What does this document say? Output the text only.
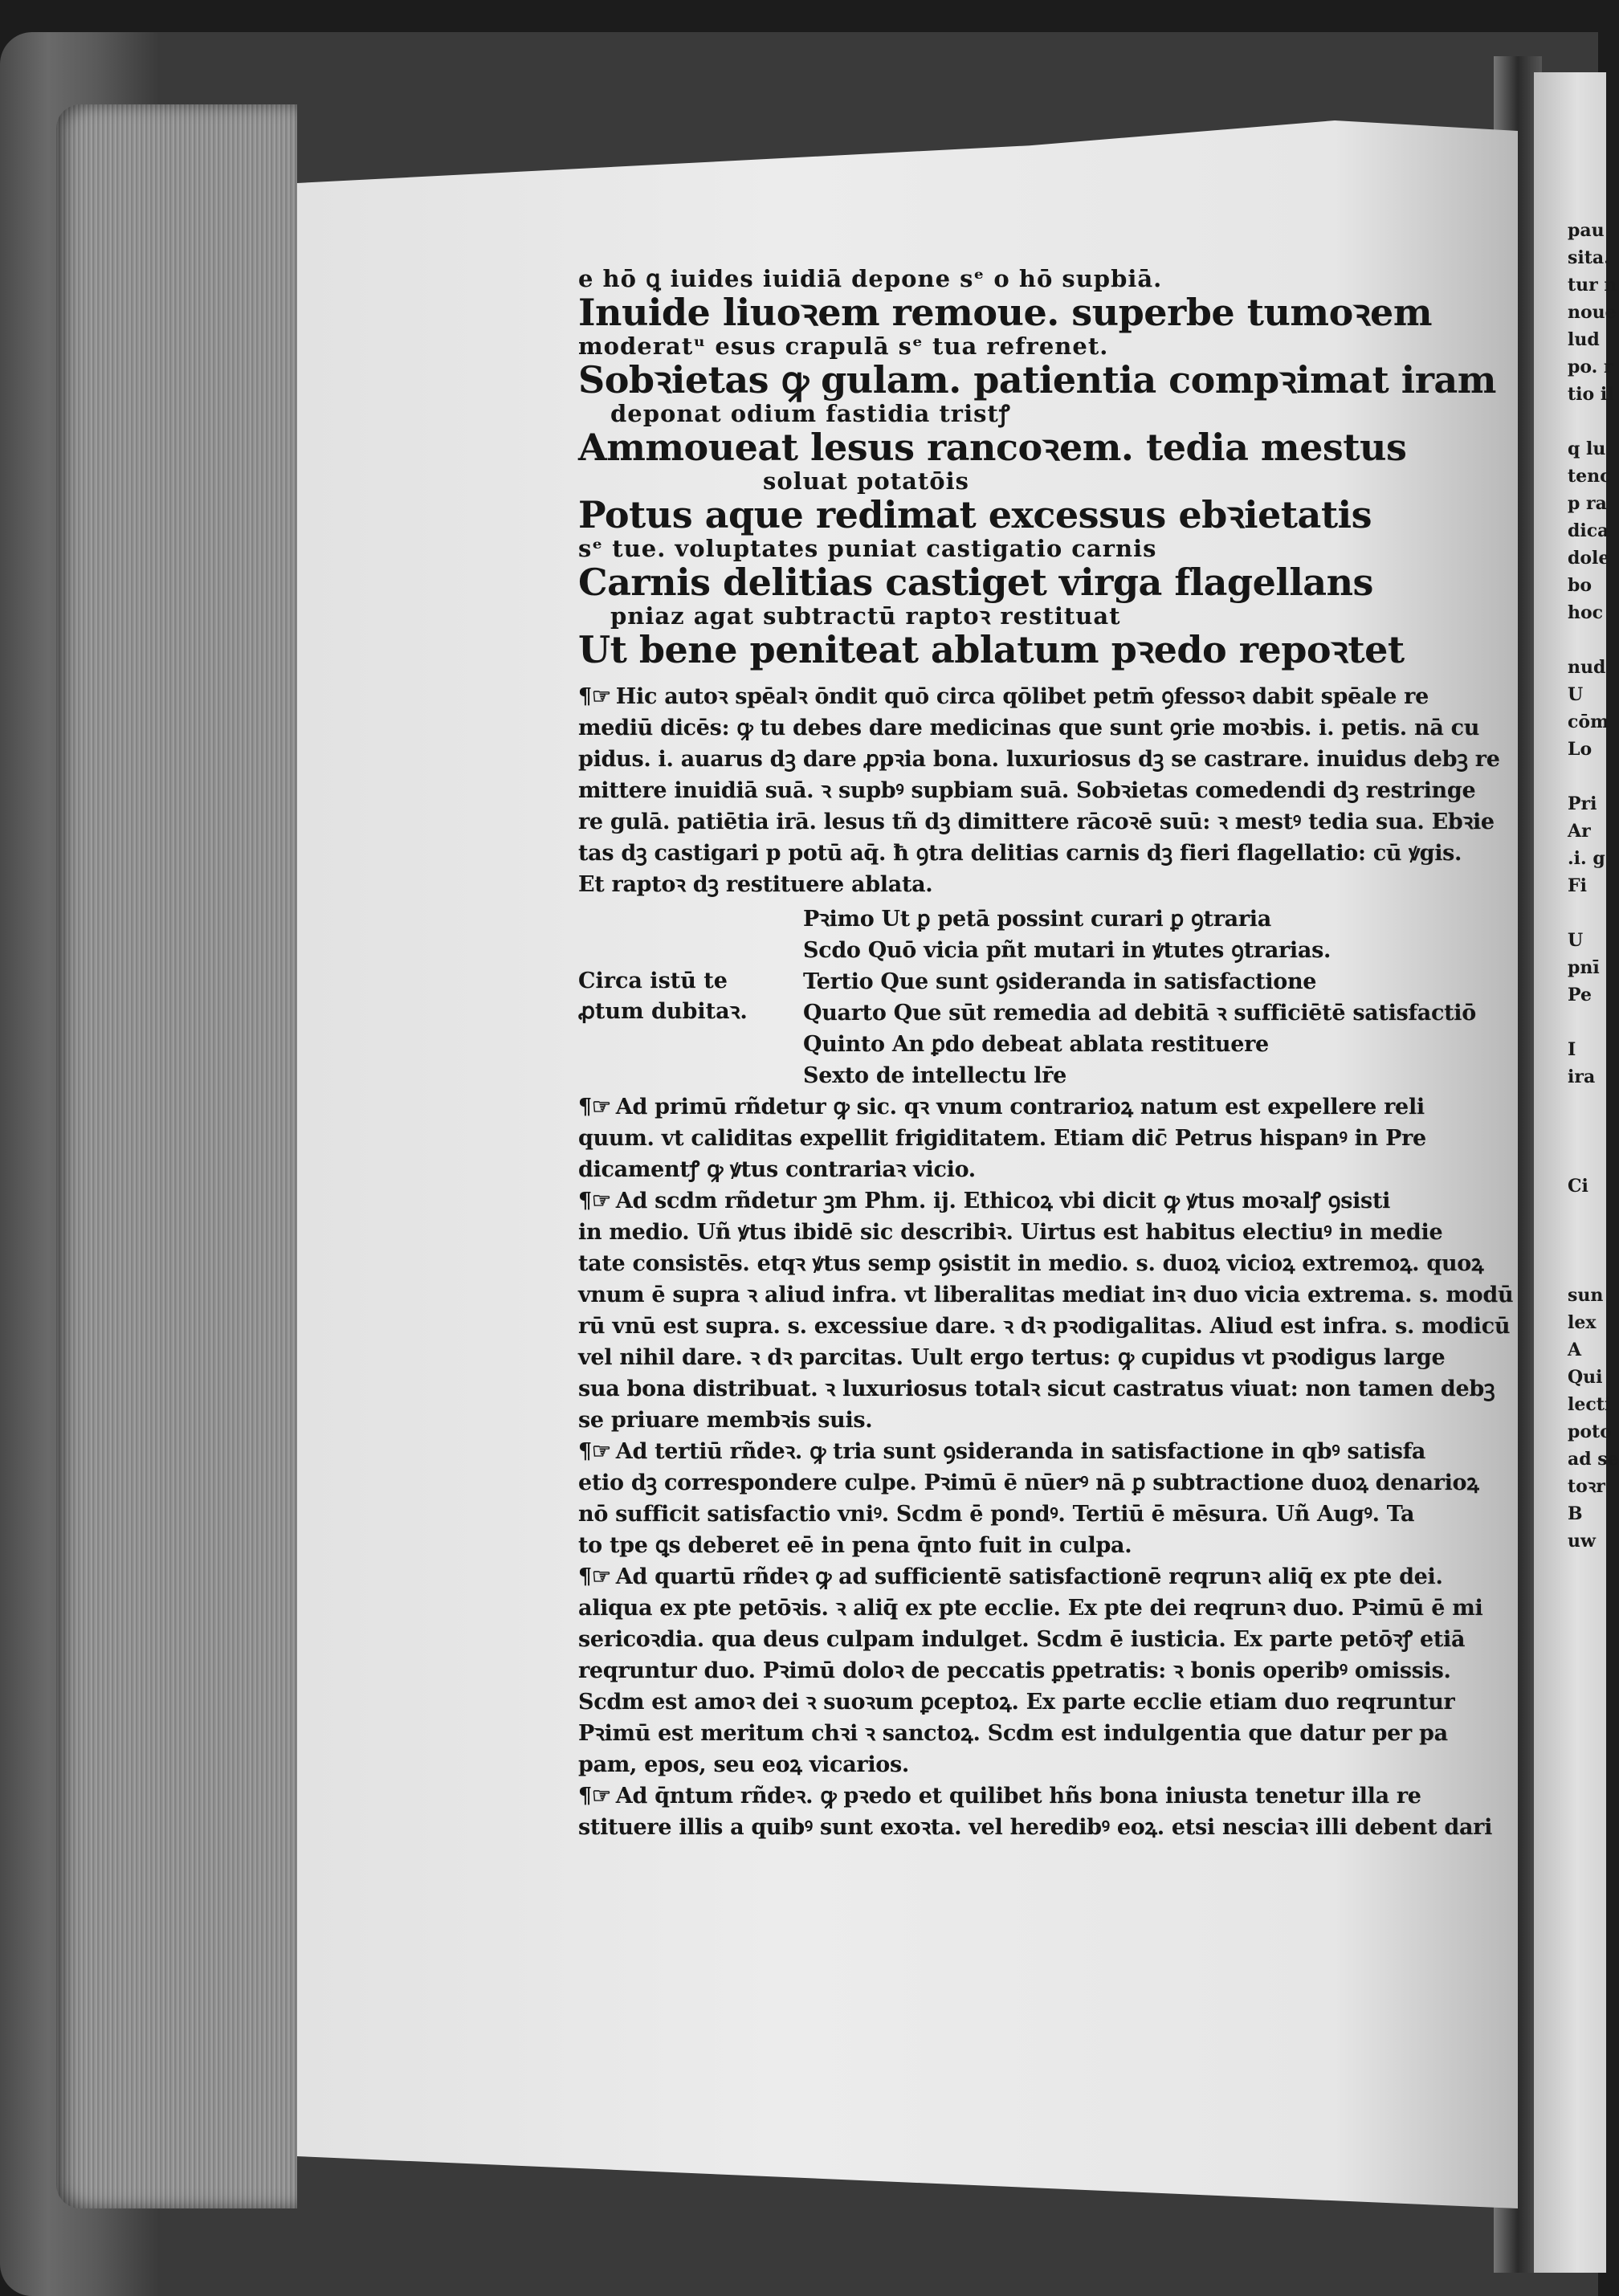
e hō ꝗ iuides iuidiā depone sᵉ o hō supbiā.
Inuide liuoꝛem remoue. superbe tumoꝛem
moderatᵘ esus crapulā sᵉ tua refrenet.
Sobꝛietas ꝙ gulam. patientia compꝛimat iram
deponat odium fastidia tristꝭ
Ammoueat lesus rancoꝛem. tedia mestus
soluat potatōis
Potus aque redimat excessus ebꝛietatis
sᵉ tue. voluptates puniat castigatio carnis
Carnis delitias castiget virga flagellans
pniaz agat subtractū raptoꝛ restituat
Ut bene peniteat ablatum pꝛedo repoꝛtet
¶☞ Hic autoꝛ spēalꝛ ōndit quō circa qōlibet petm̄ ꝯfessoꝛ dabit spēale re
mediū dicēs: ꝙ tu debes dare medicinas que sunt ꝯrie moꝛbis. i. petis. nā cu
pidus. i. auarus dꝫ dare ꝓpꝛia bona. luxuriosus dꝫ se castrare. inuidus debꝫ re
mittere inuidiā suā. ꝛ supbꝰ supbiam suā. Sobꝛietas comedendi dꝫ restringe
re gulā. patiētia irā. lesus tñ dꝫ dimittere rācoꝛē suū: ꝛ mestꝰ tedia sua. Ebꝛie
tas dꝫ castigari p potū aq̄. ħ ꝯtra delitias carnis dꝫ fieri flagellatio: cū ꝟgis.
Et raptoꝛ dꝫ restituere ablata.
Circa istū te
ꝓtum dubitaꝛ.
Pꝛimo Ut ꝑ petā possint curari ꝑ ꝯtraria
Scdo Quō vicia pñt mutari in ꝟtutes ꝯtrarias.
Tertio Que sunt ꝯsideranda in satisfactione
Quarto Que sūt remedia ad debitā ꝛ sufficiētē satisfactiō
Quinto An ꝑdo debeat ablata restituere
Sexto de intellectu lr̄e
¶☞ Ad primū rñdetur ꝙ sic. qꝛ vnum contrarioꝝ natum est expellere reli
quum. vt caliditas expellit frigiditatem. Etiam dic̄ Petrus hispanꝰ in Pre
dicamentꝭ ꝙ ꝟtus contrariaꝛ vicio.
¶☞ Ad scdm rñdetur ꝫm Phm. ij. Ethicoꝝ vbi dicit ꝙ ꝟtus moꝛalꝭ ꝯsisti
in medio. Uñ ꝟtus ibidē sic describiꝛ. Uirtus est habitus electiuꝰ in medie
tate consistēs. etqꝛ ꝟtus semp ꝯsistit in medio. s. duoꝝ vicioꝝ extremoꝝ. quoꝝ
vnum ē supra ꝛ aliud infra. vt liberalitas mediat inꝛ duo vicia extrema. s. modū
rū vnū est supra. s. excessiue dare. ꝛ dꝛ pꝛodigalitas. Aliud est infra. s. modicū
vel nihil dare. ꝛ dꝛ parcitas. Uult ergo tertus: ꝙ cupidus vt pꝛodigus large
sua bona distribuat. ꝛ luxuriosus totalꝛ sicut castratus viuat: non tamen debꝫ
se priuare membꝛis suis.
¶☞ Ad tertiū rñdeꝛ. ꝙ tria sunt ꝯsideranda in satisfactione in qbꝰ satisfa
etio dꝫ correspondere culpe. Pꝛimū ē nūerꝰ nā ꝑ subtractione duoꝝ denarioꝝ
nō sufficit satisfactio vniꝰ. Scdm ē pondꝰ. Tertiū ē mēsura. Uñ Augꝰ. Ta
to tpe ꝗs deberet eē in pena q̄nto fuit in culpa.
¶☞ Ad quartū rñdeꝛ ꝙ ad sufficientē satisfactionē reqrunꝛ aliq̄ ex pte dei.
aliqua ex pte petōꝛis. ꝛ aliq̄ ex pte ecclie. Ex pte dei reqrunꝛ duo. Pꝛimū ē mi
sericoꝛdia. qua deus culpam indulget. Scdm ē iusticia. Ex parte petōꝛꝭ etiā
reqruntur duo. Pꝛimū doloꝛ de peccatis ꝑpetratis: ꝛ bonis operibꝰ omissis.
Scdm est amoꝛ dei ꝛ suoꝛum ꝑceptoꝝ. Ex parte ecclie etiam duo reqruntur
Pꝛimū est meritum chꝛi ꝛ sanctoꝝ. Scdm est indulgentia que datur per pa
pam, epos, seu eoꝝ vicarios.
¶☞ Ad q̄ntum rñdeꝛ. ꝙ pꝛedo et quilibet hñs bona iniusta tenetur illa re
stituere illis a quibꝰ sunt exoꝛta. vel heredibꝰ eoꝝ. etsi nesciaꝛ illi debent dari
pau
sita.
tur n
noue
lud
po. r
tio il

q lu
tenc
p ra
dica
dole
bo
hoc

nud
U
cōm
Lo

Pri
Ar
.i. g
Fi

U
pnī
Pe

I
ira

Ci

sun
lex
A
Qui
lecti
poto
ad se
toꝛr
B
uw
